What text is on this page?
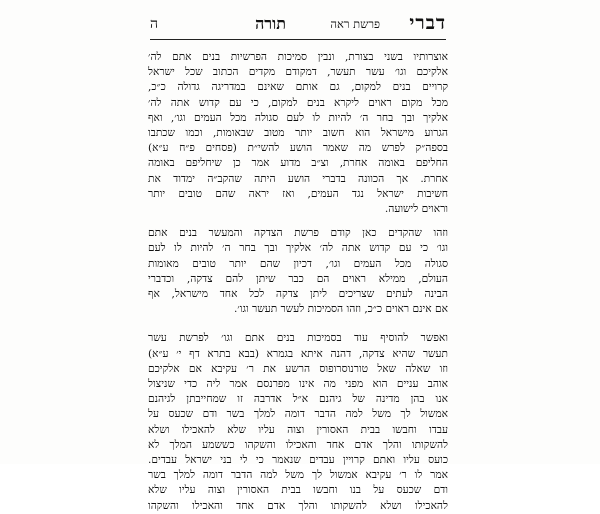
דברי
פרשת ראה
תורה
ה
אוצרותיו בשני בצורת, ונבין סמיכות הפרשיות בנים אתם לה׳
אלקיכם וגו׳ עשר תעשר, דמקודם מקדים הכתוב שכל ישראל
קרויים בנים למקום, גם אותם שאינם במדריגה גדולה כ״כ,
מכל מקום ראוים ליקרא בנים למקום, כי עם קדוש אתה לה׳
אלקיך ובך בחר ה׳ להיות לו לעם סגולה מכל העמים וגו׳, ואף
הגרוע מישראל הוא חשוב יותר מטוב שבאומות, וכמו שכתבו
בספה״ק לפרש מה שאמר הושע להשי״ת (פסחים פ״ח ע״א)
החליפם באומה אחרת, וצ״ב מדוע אמר כן שיחליפם באומה
אחרת. אך הכוונה בדברי הושע היתה שהקב״ה ימדוד את
חשיבות ישראל נגד העמים, ואז יראה שהם טובים יותר
וראוים לישועה.
וזהו שהקדים כאן קודם פרשת הצדקה והמעשר בנים אתם
וגו׳ כי עם קדוש אתה לה׳ אלקיך ובך בחר ה׳ להיות לו לעם
סגולה מכל העמים וגו׳, דכיון שהם יותר טובים מאומות
העולם, ממילא ראוים הם כבר שיתן להם צדקה, וכדברי
הבינה לעתים שצריכים ליתן צדקה לכל אחד מישראל, אף
אם אינם ראוים כ״כ, וזהו הסמיכות לעשר תעשר וגו׳.
ואפשר להוסיף עוד בסמיכות בנים אתם וגו׳ לפרשת עשר
תעשר שהיא צדקה, דהנה איתא בגמרא (בבא בתרא דף י׳ ע״א)
וזו שאלה שאל טורנוסרופוס הרשע את ר׳ עקיבא אם אלקיכם
אוהב עניים הוא מפני מה אינו מפרנסם אמר ליה כדי שניצול
אנו בהן מדינה של גיהנם א״ל אדרבה זו שמחייבתן לגיהנם
אמשול לך משל למה הדבר דומה למלך בשר ודם שכעס על
עבדו וחבשו בבית האסורין וצוה עליו שלא להאכילו ושלא
להשקותו והלך אדם אחד והאכילו והשקהו כששמע המלך לא
כועס עליו ואתם קרויין עבדים שנאמר כי לי בני ישראל עבדים.
אמר לו ר׳ עקיבא אמשול לך משל למה הדבר דומה למלך בשר
ודם שכעס על בנו וחבשו בבית האסורין וצוה עליו שלא
להאכילו ושלא להשקותו והלך אדם אחד והאכילו והשקהו
